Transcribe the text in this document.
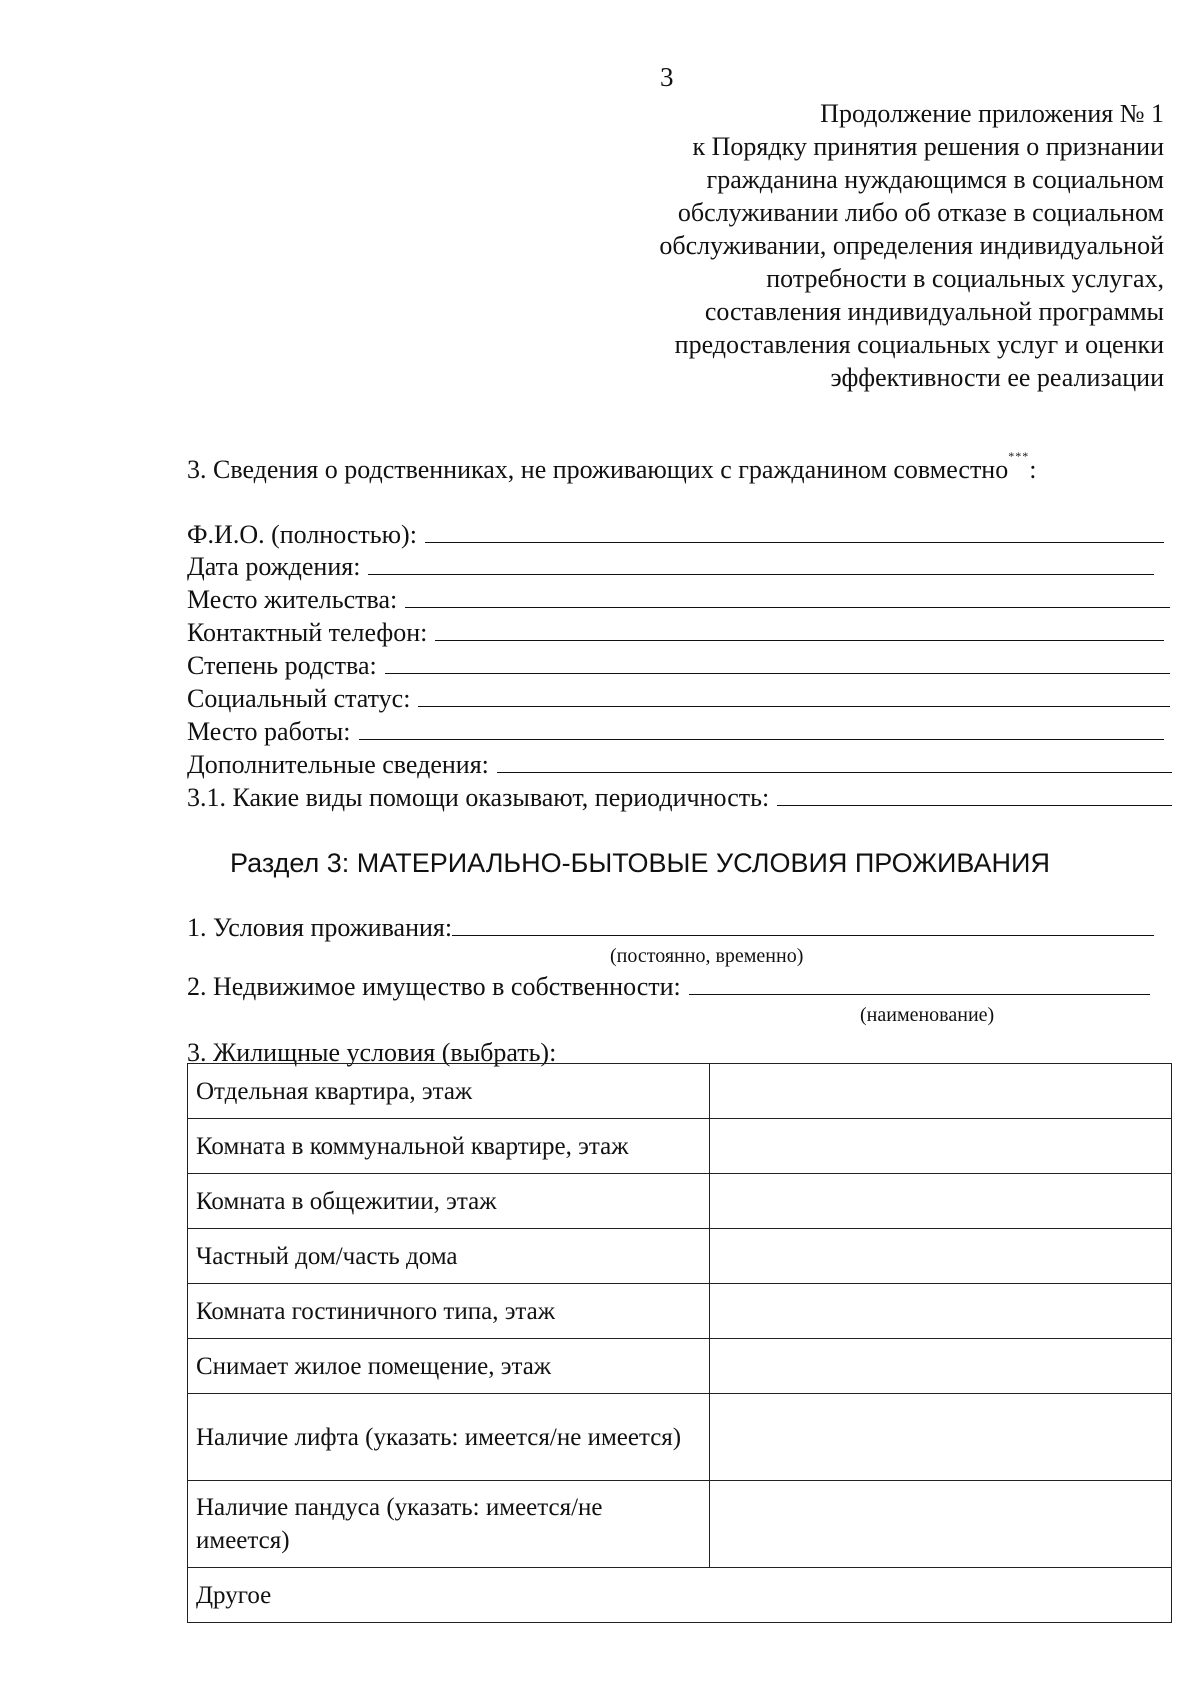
3
Продолжение приложения № 1
к Порядку принятия решения о признании
гражданина нуждающимся в социальном
обслуживании либо об отказе в социальном
обслуживании, определения индивидуальной
потребности в социальных услугах,
составления индивидуальной программы
предоставления социальных услуг и оценки
эффективности ее реализации
3. Сведения о родственниках, не проживающих с гражданином совместно***:
Ф.И.О. (полностью):
Дата рождения:
Место жительства:
Контактный телефон:
Степень родства:
Социальный статус:
Место работы:
Дополнительные сведения:
3.1. Какие виды помощи оказывают, периодичность:
Раздел 3: МАТЕРИАЛЬНО-БЫТОВЫЕ УСЛОВИЯ ПРОЖИВАНИЯ
1. Условия проживания:
(постоянно, временно)
2. Недвижимое имущество в собственности:
(наименование)
3. Жилищные условия (выбрать):
Отдельная квартира, этаж	
Комната в коммунальной квартире, этаж	
Комната в общежитии, этаж	
Частный дом/часть дома	
Комната гостиничного типа, этаж	
Снимает жилое помещение, этаж	
Наличие лифта (указать: имеется/не имеется)	
Наличие пандуса (указать: имеется/не имеется)	
Другое	
